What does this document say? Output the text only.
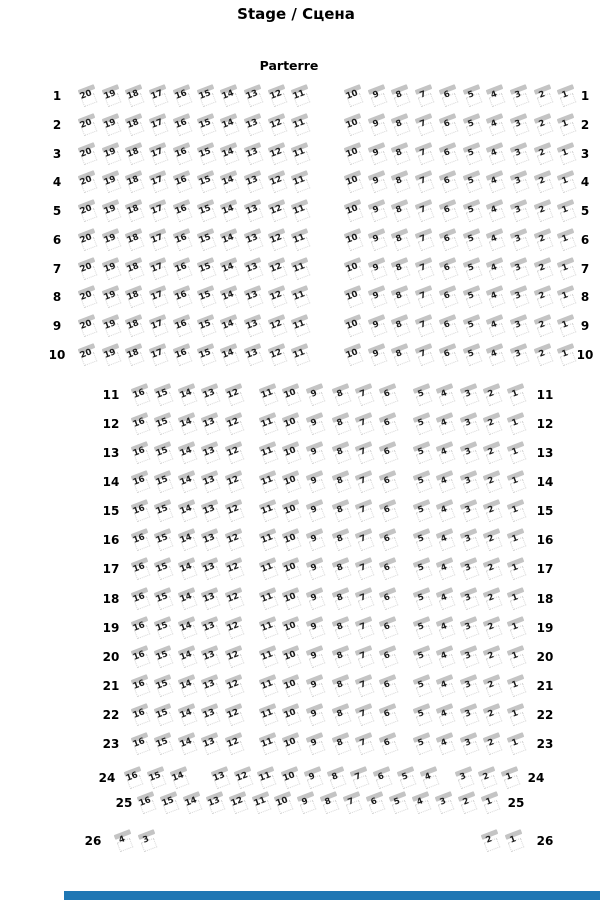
Stage / Сцена
Parterre
1	20	19	18	17	16	15	14	13	12	11	10	9	8	7	6	5	4	3	2	1 1
2	20	19	18	17	16	15	14	13	12	11	10	9	8	7	6	5	4	3	2	1 2
3	20	19	18	17	16	15	14	13	12	11	10	9	8	7	6	5	4	3	2	1 3
4	20	19	18	17	16	15	14	13	12	11	10	9	8	7	6	5	4	3	2	1 4
5	20	19	18	17	16	15	14	13	12	11	10	9	8	7	6	5	4	3	2	1 5
6	20	19	18	17	16	15	14	13	12	11	10	9	8	7	6	5	4	3	2	1 6
7	20	19	18	17	16	15	14	13	12	11	10	9	8	7	6	5	4	3	2	1 7
8	20	19	18	17	16	15	14	13	12	11	10	9	8	7	6	5	4	3	2	1 8
9	20	19	18	17	16	15	14	13	12	11	10	9	8	7	6	5	4	3	2	1 9
10	20	19	18	17	16	15	14	13	12	11	10	9	8	7	6	5	4	3	2	1 10
11	16	15	14	13	12	11	10	9	8	7	6	5	4	3	2	1	11
12	16	15	14	13	12	11	10	9	8	7	6	5	4	3	2	1	12
13	16	15	14	13	12	11	10	9	8	7	6	5	4	3	2	1	13
14	16	15	14	13	12	11	10	9	8	7	6	5	4	3	2	1	14
15	16	15	14	13	12	11	10	9	8	7	6	5	4	3	2	1	15
16	16	15	14	13	12	11	10	9	8	7	6	5	4	3	2	1	16
17	16	15	14	13	12	11	10	9	8	7	6	5	4	3	2	1	17
18	16	15	14	13	12	11	10	9	8	7	6	5	4	3	2	1	18
19	16	15	14	13	12	11	10	9	8	7	6	5	4	3	2	1	19
20	16	15	14	13	12	11	10	9	8	7	6	5	4	3	2	1	20
21	16	15	14	13	12	11	10	9	8	7	6	5	4	3	2	1	21
22	16	15	14	13	12	11	10	9	8	7	6	5	4	3	2	1	22
23	16	15	14	13	12	11	10	9	8	7	6	5	4	3	2	1	23
24	16	15	14	13	12	11	10	9	8	7	6	5	4	3	2	1	24
25 16 15 14 13 12 11 10	9	8	7	6	5	4	3	2	1	25
26	4	3	2	1	26
